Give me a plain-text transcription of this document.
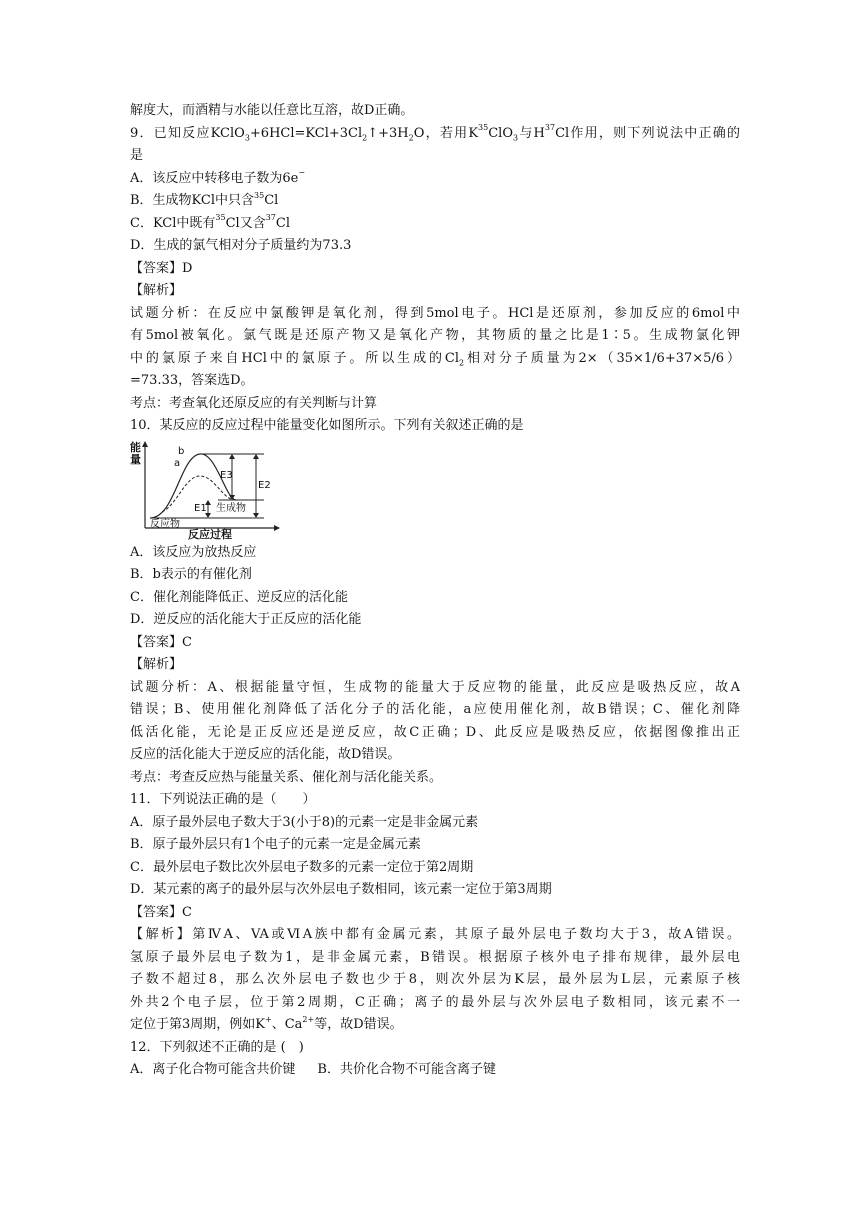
解度大，而酒精与水能以任意比互溶，故D正确。
9．已知反应$KClO_3+6HCl=KCl+3Cl_2↑+3H_2O$，若用$K^{35}ClO_3$与$H^{37}Cl$作用，则下列说法中正确的
是
A．该反应中转移电子数为6e−
B．生成物KCl中只含$^{35}$Cl
C．KCl中既有$^{35}$Cl又含$^{37}$Cl
D．生成的氯气相对分子质量约为73.3
【答案】D
【解析】
试题分析：在反应中氯酸钾是氧化剂，得到5mol电子。HCl是还原剂，参加反应的6mol中
有5mol被氧化。氯气既是还原产物又是氧化产物，其物质的量之比是1∶5。生成物氯化钾
中的氯原子来自HCl中的氯原子。所以生成的$Cl_2$相对分子质量为2×（35×1/6+37×5/6）
=73.33，答案选D。
考点：考查氧化还原反应的有关判断与计算
10．某反应的反应过程中能量变化如图所示。下列有关叙述正确的是
能
量
b
a
E3
E2
E1 生成物
反应物
反应过程
A．该反应为放热反应
B．b表示的有催化剂
C．催化剂能降低正、逆反应的活化能
D．逆反应的活化能大于正反应的活化能
【答案】C
【解析】
试题分析：A、根据能量守恒，生成物的能量大于反应物的能量，此反应是吸热反应，故A
错误；B、使用催化剂降低了活化分子的活化能，a应使用催化剂，故B错误；C、催化剂降
低活化能，无论是正反应还是逆反应，故C正确；D、此反应是吸热反应，依据图像推出正
反应的活化能大于逆反应的活化能，故D错误。
考点：考查反应热与能量关系、催化剂与活化能关系。
11．下列说法正确的是（　　）
A．原子最外层电子数大于3(小于8)的元素一定是非金属元素
B．原子最外层只有1个电子的元素一定是金属元素
C．最外层电子数比次外层电子数多的元素一定位于第2周期
D．某元素的离子的最外层与次外层电子数相同，该元素一定位于第3周期
【答案】C
【解析】第ⅣA、VA或ⅥA族中都有金属元素，其原子最外层电子数均大于3，故A错误。
氢原子最外层电子数为1，是非金属元素，B错误。根据原子核外电子排布规律，最外层电
子数不超过8，那么次外层电子数也少于8，则次外层为K层，最外层为L层，元素原子核
外共2个电子层，位于第2周期，C正确；离子的最外层与次外层电子数相同，该元素不一
定位于第3周期，例如K+、$Ca^{2+}$等，故D错误。
12．下列叙述不正确的是 (　)
A．离子化合物可能含共价键 B．共价化合物不可能含离子键
